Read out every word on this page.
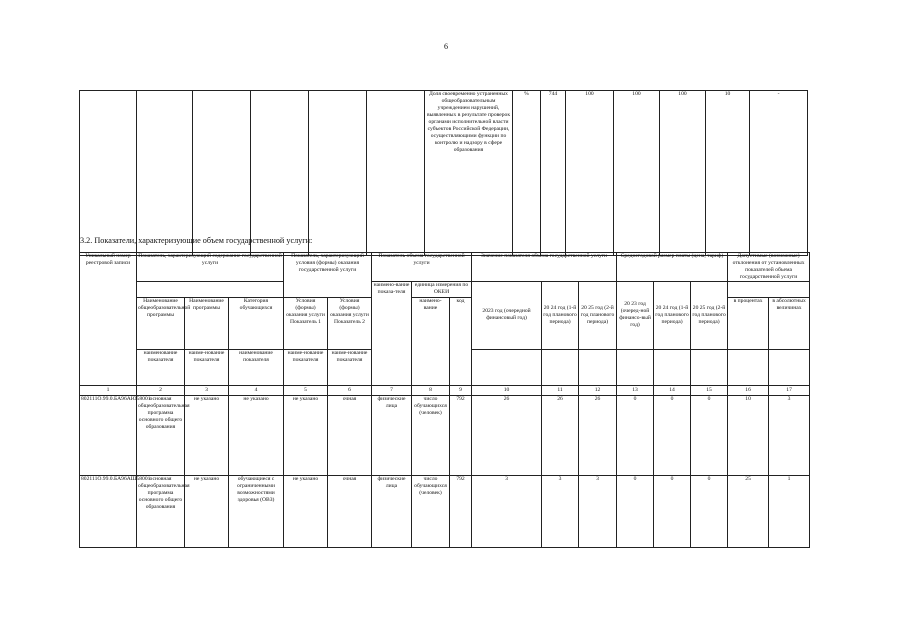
6
						Доля своевременно устраненных общеобразовательным учреждением нарушений, выявленных в результате проверок органами исполнительной власти субъектов Российской Федерации, осуществляющими функции по контролю и надзору в сфере образования	%	744	100	100	100	10	-
3.2. Показатели, характеризующие объем государственной услуги:
Уникальный номер реестровой записи	Показатель, характеризующий содержание государственной услуги			Показатель, характеризующий условия (формы) оказания государственной услуги		Показатель объема государственной услуги			Значение показателя объема государственной услуги			Среднегодовой размер платы (цена, тариф)			Допустимые (возможные) отклонения от установленных показателей объема государственной услуги	
						наимено-вание показа-теля	единица измерения по ОКЕИ		2023 год (очередной финансовый год)	20 24 год (1-й год планового периода)	20 25 год (2-й год планового периода)	20 23 год (очеред-ной финансо-вый год)	20 24 год (1-й год планового периода)	20 25 год (2-й год планового периода)		
	Наименование общеобразовательной программы	Наименование программы	Категория обучающихся	Условия (формы) оказания услуги Показатель 1	Условия (формы) оказания услуги Показатель 2		наимено-вание	код							в процентах	в абсолютных величинах
	наименование показателя	наиме-нование показателя	наименование показателя	наиме-нование показателя	наиме-нование показателя											
1	2	3	4	5	6	7	8	9	10	11	12	13	14	15	16	17
802111О.99.0.БА96АЮ58001	основная общеобразовательная программа основного общего образования	не указано	не указано	не указано	очная	физические лица	число обучающихся (человек)	792	26	26	26	0	0	0	10	3
802111О.99.0.БА96АШ58001	основная общеобразовательная программа основного общего образования	не указано	обучающиеся с ограниченными возможностями здоровья (ОВЗ)	не указано	очная	физические лица	число обучающихся (человек)	792	3	3	3	0	0	0	25	1
